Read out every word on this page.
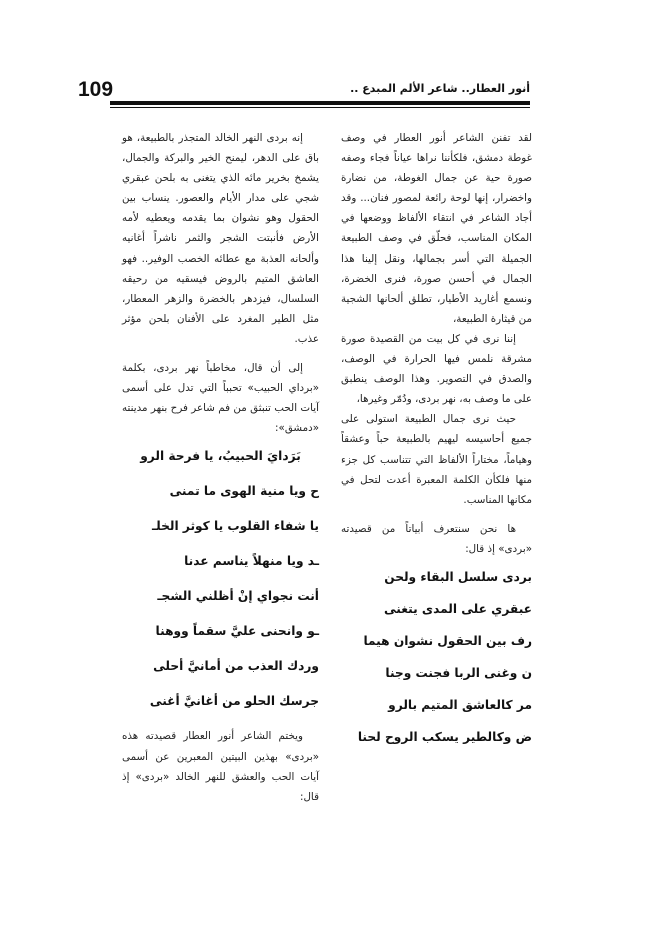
109	أنور العطار.. شاعر الألم المبدع ..

لقد تفنن الشاعر أنور العطار في وصف غوطة دمشق، فلكأننا نراها عياناً فجاء وصفه صورة حية عن جمال الغوطة، من نضارة واخضرار، إنها لوحة رائعة لمصور فنان... وقد أجاد الشاعر في انتقاء الألفاظ ووضعها في المكان المناسب، فحلّق في وصف الطبيعة الجميلة التي أسر بجمالها، ونقل إلينا هذا الجمال في أحسن صورة، فنرى الخضرة، ونسمع أغاريد الأطيار، تطلق ألحانها الشجية من قيثارة الطبيعة،

إننا نرى في كل بيت من القصيدة صورة مشرقة نلمس فيها الحرارة في الوصف، والصدق في التصوير. وهذا الوصف ينطبق على ما وصف به، نهر بردى، ودُمّر وغيرها،

حيث نرى جمال الطبيعة استولى على جميع أحاسيسه ليهيم بالطبيعة حباً وعشقاً وهياماً، مختاراً الألفاظ التي تتناسب كل جزء منها فلكأن الكلمة المعبرة أعدت لتحل في مكانها المناسب.

ها نحن سنتعرف أبياتاً من قصيدته «بردى» إذ قال:

بردى سلسل البقاء ولحن
عبقري على المدى يتغنى
رف بين الحقول نشوان هيما
ن وغنى الربا فجنت وجنا
مر كالعاشق المتيم بالرو
ض وكالطير يسكب الروح لحنا

إنه بردى النهر الخالد المتجذر بالطبيعة، هو باق على الدهر، ليمنح الخير والبركة والجمال، يشمخ بخرير مائه الذي يتغنى به بلحن عبقري شجي على مدار الأيام والعصور. ينساب بين الحقول وهو نشوان بما يقدمه ويعطيه لأمه الأرض فأنبتت الشجر والثمر ناشراً أغانيه وألحانه العذبة مع عطائه الخصب الوفير.. فهو العاشق المتيم بالروض فيسقيه من رحيقه السلسال، فيزدهر بالخضرة والزهر المعطار، مثل الطير المغرد على الأفنان بلحن مؤثر عذب.

إلى أن قال، مخاطباً نهر بردى، بكلمة «برداي الحبيب» تحبباً التي تدل على أسمى آيات الحب تنبثق من فم شاعر فرح بنهر مدينته «دمشق»:

بَرَدايَ الحبيبُ، يا فرحة الرو
ح ويا منية الهوى ما تمنى
يا شفاء القلوب يا كوثر الخلـ
ـد ويا منهلاً يناسم عدنا
أنت نجواي إنْ أظلني الشجـ
ـو وانحنى عليَّ سقماً ووهنا
وردك العذب من أمانيَّ أحلى
جرسك الحلو من أغانيَّ أغنى

ويختم الشاعر أنور العطار قصيدته هذه «بردى» بهذين البيتين المعبرين عن أسمى آيات الحب والعشق للنهر الخالد «بردى» إذ قال:
